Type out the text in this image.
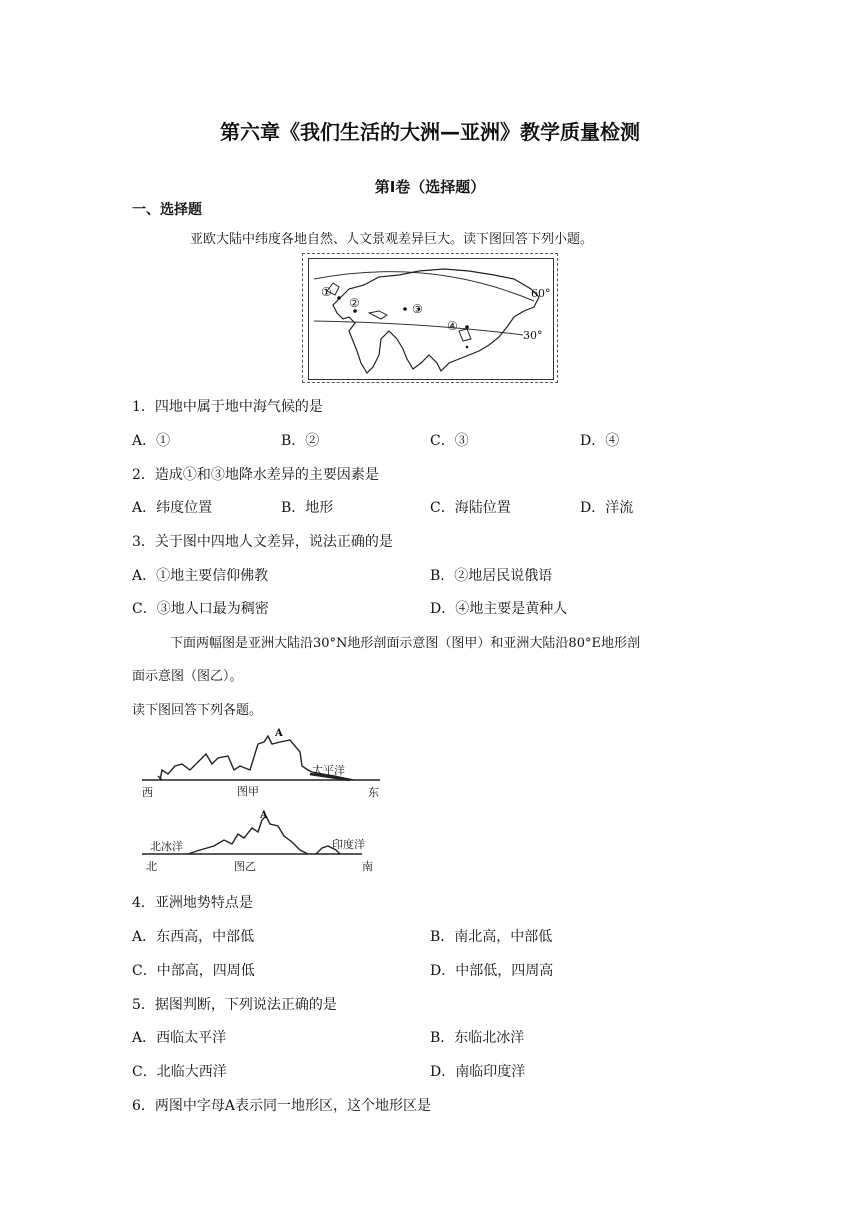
第六章《我们生活的大洲—亚洲》教学质量检测
第Ⅰ卷（选择题）
一、选择题
亚欧大陆中纬度各地自然、人文景观差异巨大。读下图回答下列小题。
①
②	③
④
60°
30°
1．四地中属于地中海气候的是
A．①	B．②	C．③	D．④
2．造成①和③地降水差异的主要因素是
A．纬度位置	B．地形	C．海陆位置	D．洋流
3．关于图中四地人文差异，说法正确的是
A．①地主要信仰佛教	B．②地居民说俄语
C．③地人口最为稠密	D．④地主要是黄种人
下面两幅图是亚洲大陆沿30°N地形剖面示意图（图甲）和亚洲大陆沿80°E地形剖
面示意图（图乙）。
读下图回答下列各题。
A
太平洋
西	图甲	东
A
北冰洋	印度洋
北	图乙	南
4．亚洲地势特点是
A．东西高，中部低	B．南北高，中部低
C．中部高，四周低	D．中部低，四周高
5．据图判断，下列说法正确的是
A．西临太平洋	B．东临北冰洋
C．北临大西洋	D．南临印度洋
6．两图中字母A表示同一地形区，这个地形区是
